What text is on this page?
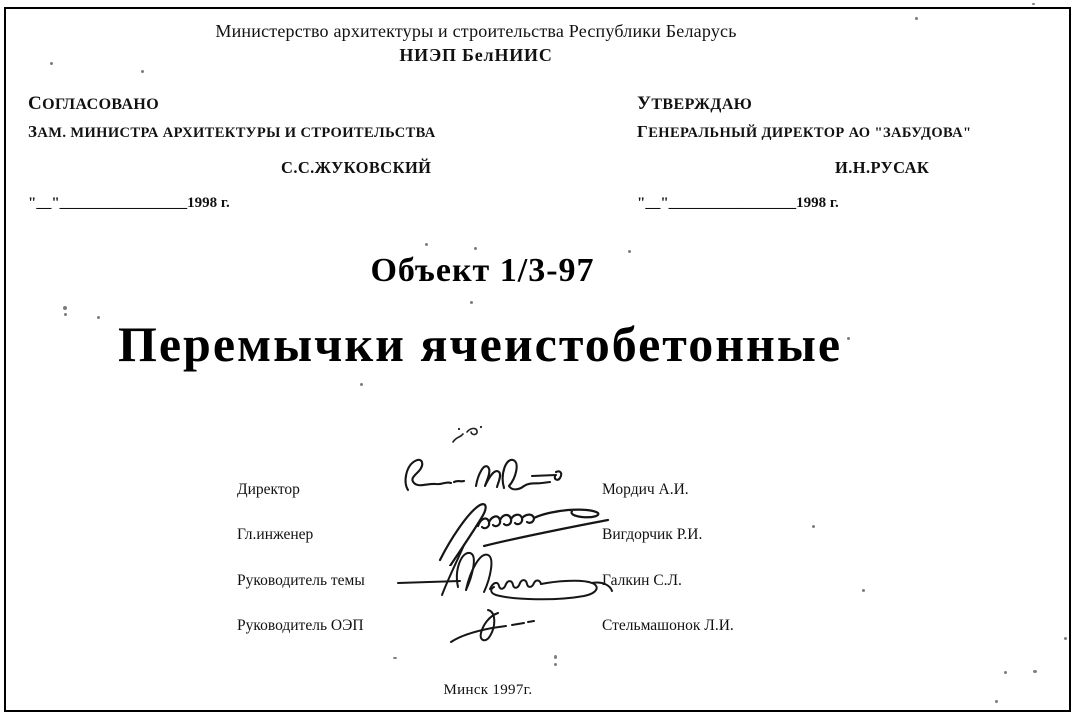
Министерство архитектуры и строительства Республики Беларусь
НИЭП БелНИИС
СОГЛАСОВАНО
ЗАМ. МИНИСТРА АРХИТЕКТУРЫ И СТРОИТЕЛЬСТВА
С.С.ЖУКОВСКИЙ
"__"_________________1998 г.
УТВЕРЖДАЮ
ГЕНЕРАЛЬНЫЙ ДИРЕКТОР АО "ЗАБУДОВА"
И.Н.РУСАК
"__"_________________1998 г.
Объект 1/3-97
Перемычки ячеистобетонные
Директор	Мордич А.И.
Гл.инженер	Вигдорчик Р.И.
Руководитель темы	Галкин С.Л.
Руководитель ОЭП	Стельмашонок Л.И.
Минск 1997г.
